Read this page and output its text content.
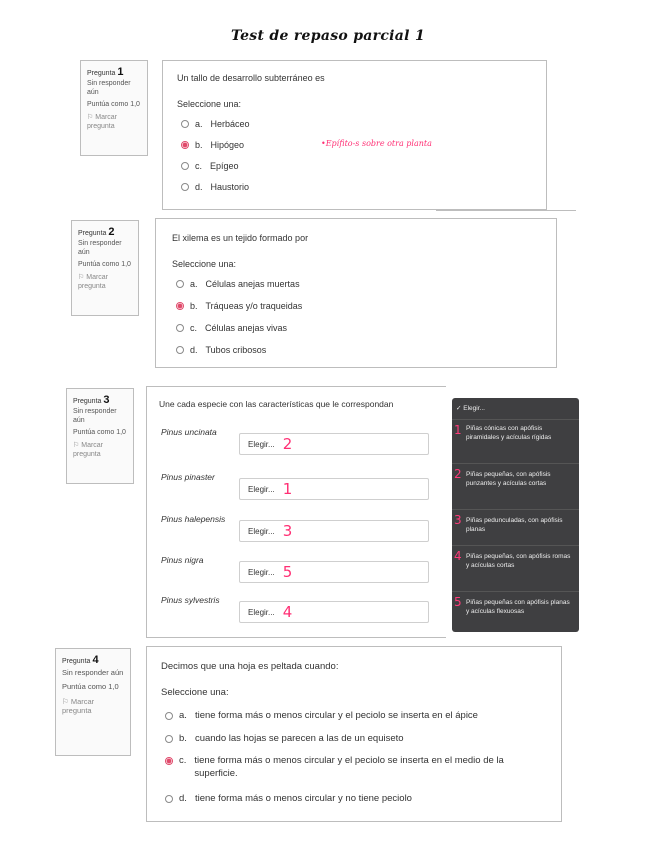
Test de repaso parcial 1
Pregunta 1
Sin responder aún
Puntúa como 1,0
⚐ Marcar pregunta
Un tallo de desarrollo subterráneo es
Seleccione una:
a. Herbáceo
b. Hipógeo
c. Epígeo
d. Haustorio
•Epífito-s sobre otra planta
Pregunta 2
Sin responder aún
Puntúa como 1,0
⚐ Marcar pregunta
El xilema es un tejido formado por
Seleccione una:
a. Células anejas muertas
b. Tráqueas y/o traqueidas
c. Células anejas vivas
d. Tubos cribosos
Pregunta 3
Sin responder aún
Puntúa como 1,0
⚐ Marcar pregunta
Une cada especie con las características que le correspondan
Pinus uncinata
Elegir... 2
Pinus pinaster
Elegir... 1
Pinus halepensis
Elegir... 3
Pinus nigra
Elegir... 5
Pinus sylvestris
Elegir... 4
✓ Elegir...
1 Piñas cónicas con apófisis piramidales y acículas rígidas
2 Piñas pequeñas, con apófisis punzantes y acículas cortas
3 Piñas pedunculadas, con apófisis planas
4 Piñas pequeñas, con apófisis romas y acículas cortas
5 Piñas pequeñas con apófisis planas y acículas flexuosas
Pregunta 4
Sin responder aún
Puntúa como 1,0
⚐ Marcar pregunta
Decimos que una hoja es peltada cuando:
Seleccione una:
a. tiene forma más o menos circular y el peciolo se inserta en el ápice
b. cuando las hojas se parecen a las de un equiseto
c. tiene forma más o menos circular y el peciolo se inserta en el medio de la superficie.
d. tiene forma más o menos circular y no tiene peciolo
